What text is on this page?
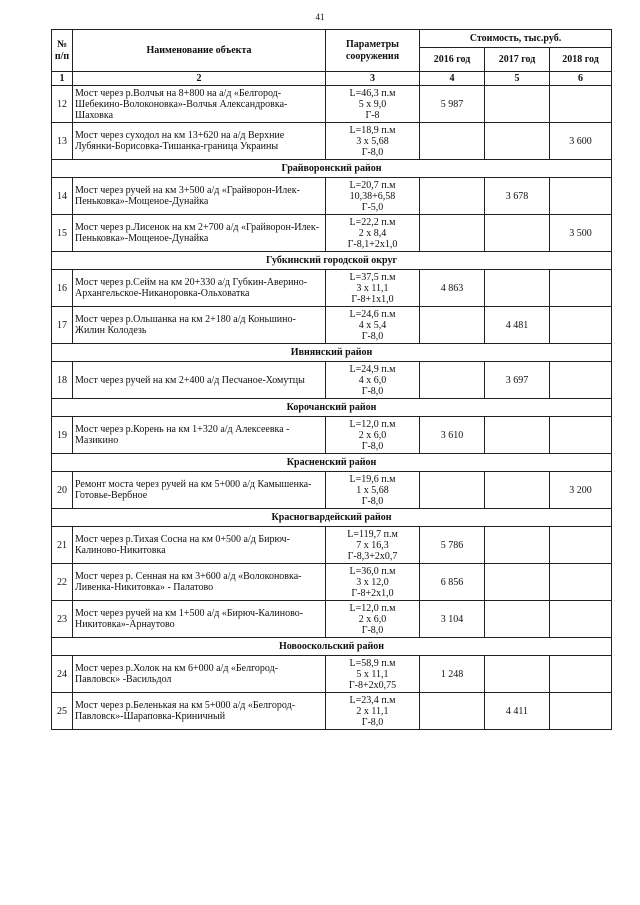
41
№ п/п	Наименование объекта	Параметры сооружения	Стоимость, тыс.руб.		
			2016 год	2017 год	2018 год
1	2	3	4	5	6
12	Мост через р.Волчья на 8+800 на а/д «Белгород-Шебекино-Волоконовка»-Волчья Александровка-Шаховка	L=46,3 п.м
5 х 9,0
Г-8	5 987		
13	Мост через суходол на км 13+620 на а/д Верхние Лубянки-Борисовка-Тишанка-граница Украины	L=18,9 п.м
3 х 5,68
Г-8,0			3 600
Грайворонский район					
14	Мост через ручей на км 3+500 а/д «Грайворон-Илек-Пеньковка»-Мощеное-Дунайка	L=20,7 п.м
10,38+6,58
Г-5,0		3 678	
15	Мост через р.Лисенок на км 2+700 а/д «Грайворон-Илек-Пеньковка»-Мощеное-Дунайка	L=22,2 п.м
2 х 8,4
Г-8,1+2х1,0			3 500
Губкинский городской округ					
16	Мост через р.Сейм на км 20+330 а/д Губкин-Аверино-Архангельское-Никаноровка-Ольховатка	L=37,5 п.м
3 х 11,1
Г-8+1х1,0	4 863		
17	Мост через р.Ольшанка на км 2+180 а/д Коньшино-Жилин Колодезь	L=24,6 п.м
4 х 5,4
Г-8,0		4 481	
Ивнянский район					
18	Мост через ручей на км 2+400 а/д Песчаное-Хомутцы	L=24,9 п.м
4 х 6,0
Г-8,0		3 697	
Корочанский район					
19	Мост через р.Корень на км 1+320 а/д Алексеевка - Мазикино	L=12,0 п.м
2 х 6,0
Г-8,0	3 610		
Красненский район					
20	Ремонт моста через ручей на км 5+000 а/д Камышенка-Готовье-Вербное	L=19,6 п.м
1 х 5,68
Г-8,0			3 200
Красногвардейский район					
21	Мост через р.Тихая Сосна на км 0+500 а/д Бирюч-Калиново-Никитовка	L=119,7 п.м
7 х 16,3
Г-8,3+2х0,7	5 786		
22	Мост через р. Сенная на км 3+600 а/д «Волоконовка-Ливенка-Никитовка» - Палатово	L=36,0 п.м
3 х 12,0
Г-8+2х1,0	6 856		
23	Мост через ручей на км 1+500 а/д «Бирюч-Калиново-Никитовка»-Арнаутово	L=12,0 п.м
2 х 6,0
Г-8,0	3 104		
Новооскольский район					
24	Мост через р.Холок на км 6+000 а/д «Белгород-Павловск» -Васильдол	L=58,9 п.м
5 х 11,1
Г-8+2х0,75	1 248		
25	Мост через р.Беленькая на км 5+000 а/д «Белгород-Павловск»-Шараповка-Криничный	L=23,4 п.м
2 х 11,1
Г-8,0		4 411	
